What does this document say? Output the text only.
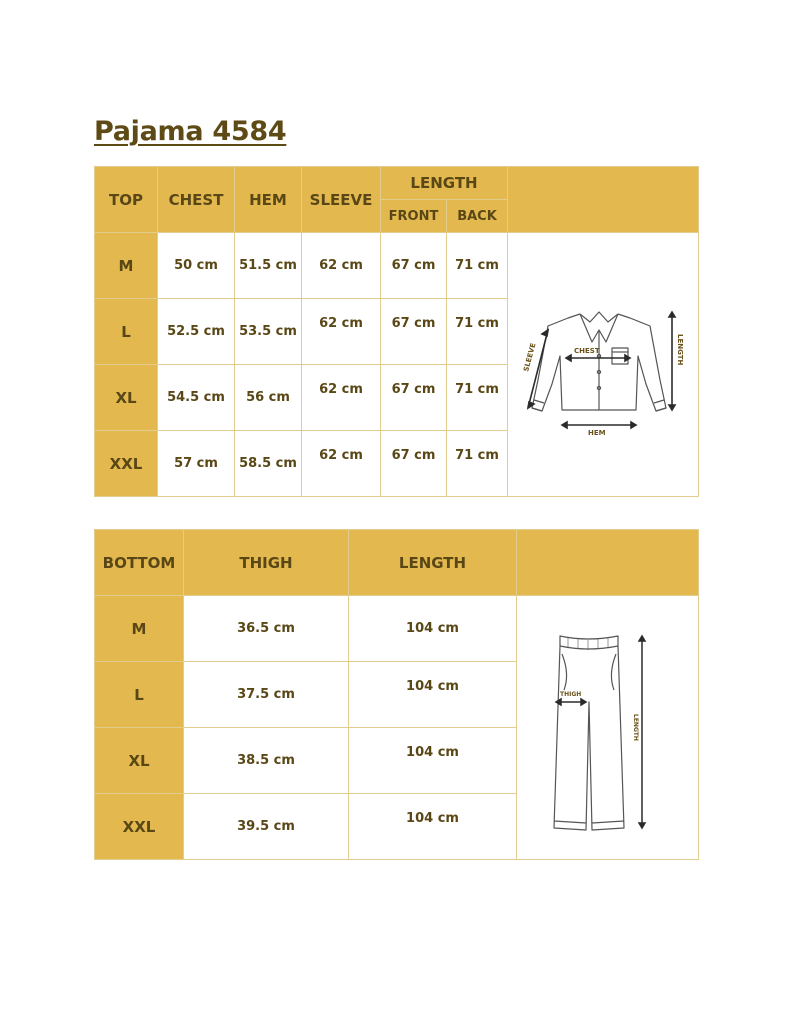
Pajama 4584
TOP	CHEST	HEM	SLEEVE	LENGTH		
				FRONT	BACK	
M	50 cm	51.5 cm	62 cm	67 cm	71 cm	CHEST
HEM
LENGTH
SLEEVE

L	52.5 cm	53.5 cm	62 cm	67 cm	71 cm	
XL	54.5 cm	56 cm	62 cm	67 cm	71 cm	
XXL	57 cm	58.5 cm	62 cm	67 cm	71 cm	
BOTTOM	THIGH	LENGTH	
M	36.5 cm	104 cm	THIGH
LENGTH

L	37.5 cm	104 cm	
XL	38.5 cm	104 cm	
XXL	39.5 cm	104 cm	
